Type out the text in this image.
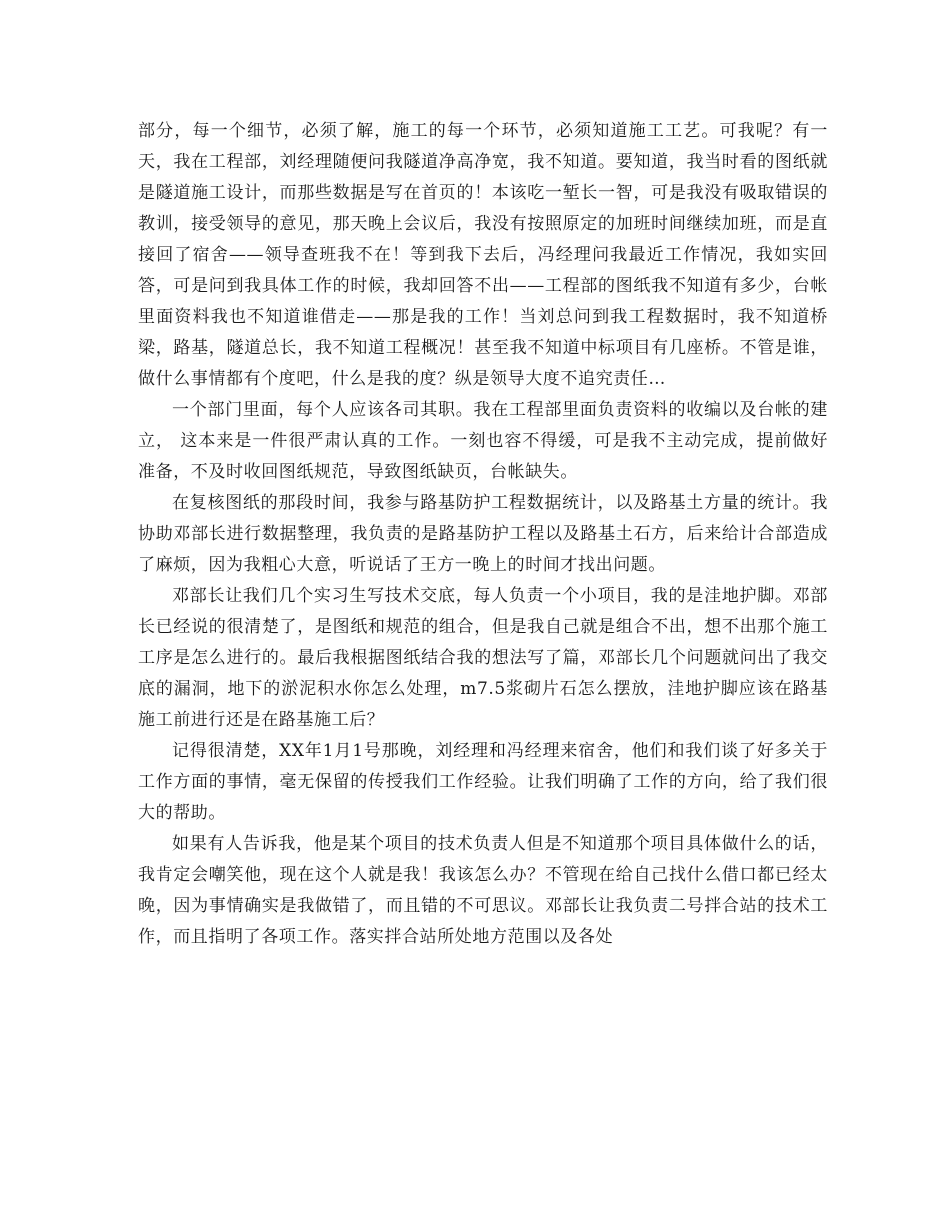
部分，每一个细节，必须了解，施工的每一个环节，必须知道施工工艺。可我呢？有一天，我在工程部，刘经理随便问我隧道净高净宽，我不知道。要知道，我当时看的图纸就是隧道施工设计，而那些数据是写在首页的！本该吃一堑长一智，可是我没有吸取错误的教训，接受领导的意见，那天晚上会议后，我没有按照原定的加班时间继续加班，而是直接回了宿舍——领导查班我不在！等到我下去后，冯经理问我最近工作情况，我如实回答，可是问到我具体工作的时候，我却回答不出——工程部的图纸我不知道有多少，台帐里面资料我也不知道谁借走——那是我的工作！当刘总问到我工程数据时，我不知道桥梁，路基，隧道总长，我不知道工程概况！甚至我不知道中标项目有几座桥。不管是谁，做什么事情都有个度吧，什么是我的度？纵是领导大度不追究责任…

一个部门里面，每个人应该各司其职。我在工程部里面负责资料的收编以及台帐的建立， 这本来是一件很严肃认真的工作。一刻也容不得缓，可是我不主动完成，提前做好准备，不及时收回图纸规范，导致图纸缺页，台帐缺失。

在复核图纸的那段时间，我参与路基防护工程数据统计，以及路基土方量的统计。我协助邓部长进行数据整理，我负责的是路基防护工程以及路基土石方，后来给计合部造成了麻烦，因为我粗心大意，听说话了王方一晚上的时间才找出问题。

邓部长让我们几个实习生写技术交底，每人负责一个小项目，我的是洼地护脚。邓部长已经说的很清楚了，是图纸和规范的组合，但是我自己就是组合不出，想不出那个施工工序是怎么进行的。最后我根据图纸结合我的想法写了篇，邓部长几个问题就问出了我交底的漏洞，地下的淤泥积水你怎么处理，m7.5浆砌片石怎么摆放，洼地护脚应该在路基施工前进行还是在路基施工后？

记得很清楚，XX年1月1号那晚，刘经理和冯经理来宿舍，他们和我们谈了好多关于工作方面的事情，毫无保留的传授我们工作经验。让我们明确了工作的方向，给了我们很大的帮助。

如果有人告诉我，他是某个项目的技术负责人但是不知道那个项目具体做什么的话，我肯定会嘲笑他，现在这个人就是我！我该怎么办？不管现在给自己找什么借口都已经太晚，因为事情确实是我做错了，而且错的不可思议。邓部长让我负责二号拌合站的技术工作，而且指明了各项工作。落实拌合站所处地方范围以及各处
